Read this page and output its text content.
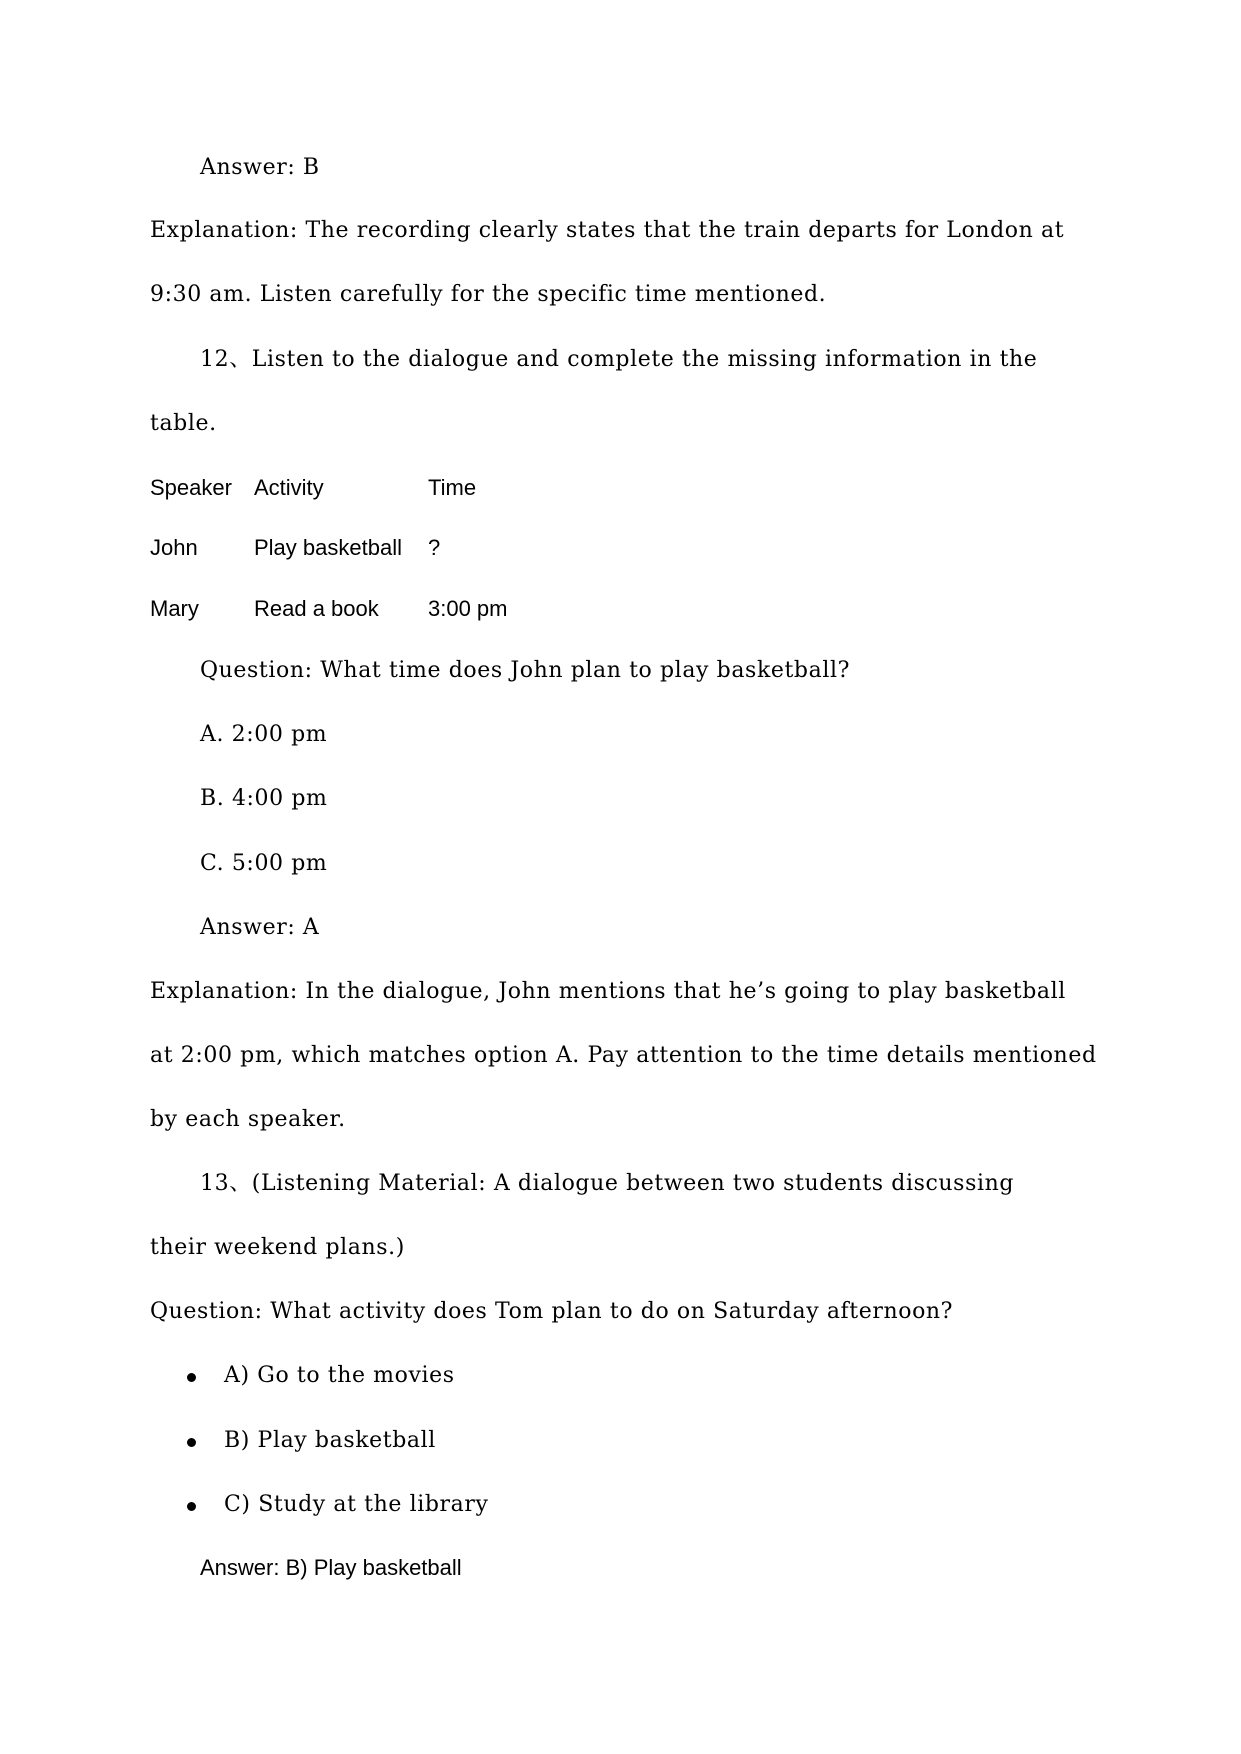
Answer: B
Explanation: The recording clearly states that the train departs for London at
9:30 am. Listen carefully for the specific time mentioned.
12、Listen to the dialogue and complete the missing information in the
table.
Speaker Activity	Time
John	Play basketball ?
Mary	Read a book 3:00 pm
Question: What time does John plan to play basketball?
A. 2:00 pm
B. 4:00 pm
C. 5:00 pm
Answer: A
Explanation: In the dialogue, John mentions that he’s going to play basketball
at 2:00 pm, which matches option A. Pay attention to the time details mentioned
by each speaker.
13、(Listening Material: A dialogue between two students discussing
their weekend plans.)
Question: What activity does Tom plan to do on Saturday afternoon?
A) Go to the movies
B) Play basketball
C) Study at the library
Answer: B) Play basketball
